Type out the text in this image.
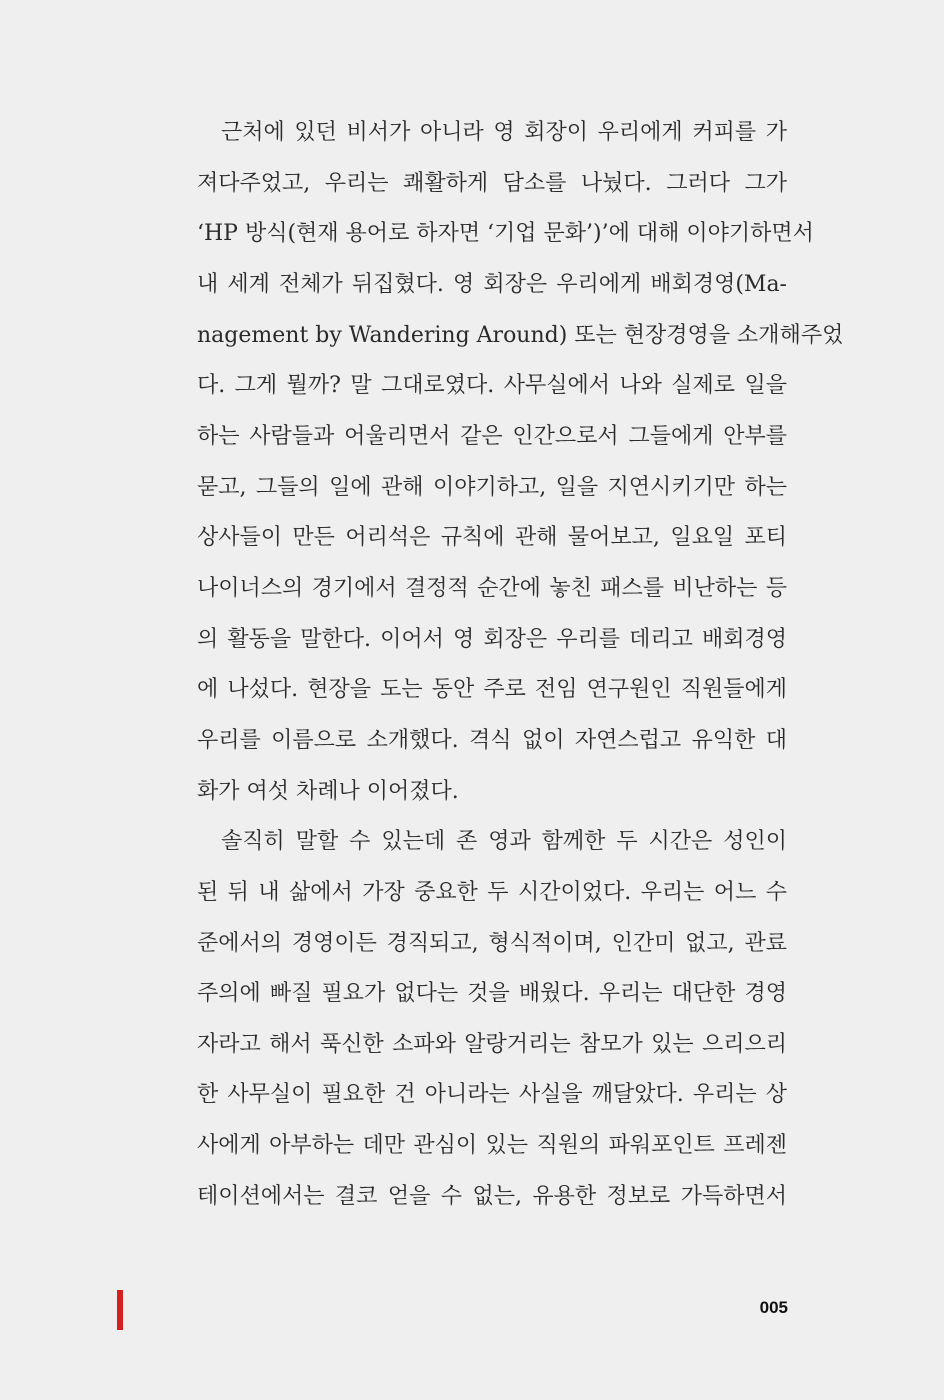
근처에 있던 비서가 아니라 영 회장이 우리에게 커피를 가
져다주었고, 우리는 쾌활하게 담소를 나눴다. 그러다 그가
‘HP 방식(현재 용어로 하자면 ‘기업 문화’)’에 대해 이야기하면서
내 세계 전체가 뒤집혔다. 영 회장은 우리에게 배회경영(Ma-
nagement by Wandering Around) 또는 현장경영을 소개해주었
다. 그게 뭘까? 말 그대로였다. 사무실에서 나와 실제로 일을
하는 사람들과 어울리면서 같은 인간으로서 그들에게 안부를
묻고, 그들의 일에 관해 이야기하고, 일을 지연시키기만 하는
상사들이 만든 어리석은 규칙에 관해 물어보고, 일요일 포티
나이너스의 경기에서 결정적 순간에 놓친 패스를 비난하는 등
의 활동을 말한다. 이어서 영 회장은 우리를 데리고 배회경영
에 나섰다. 현장을 도는 동안 주로 전임 연구원인 직원들에게
우리를 이름으로 소개했다. 격식 없이 자연스럽고 유익한 대
화가 여섯 차례나 이어졌다.
솔직히 말할 수 있는데 존 영과 함께한 두 시간은 성인이
된 뒤 내 삶에서 가장 중요한 두 시간이었다. 우리는 어느 수
준에서의 경영이든 경직되고, 형식적이며, 인간미 없고, 관료
주의에 빠질 필요가 없다는 것을 배웠다. 우리는 대단한 경영
자라고 해서 푹신한 소파와 알랑거리는 참모가 있는 으리으리
한 사무실이 필요한 건 아니라는 사실을 깨달았다. 우리는 상
사에게 아부하는 데만 관심이 있는 직원의 파워포인트 프레젠
테이션에서는 결코 얻을 수 없는, 유용한 정보로 가득하면서
005
